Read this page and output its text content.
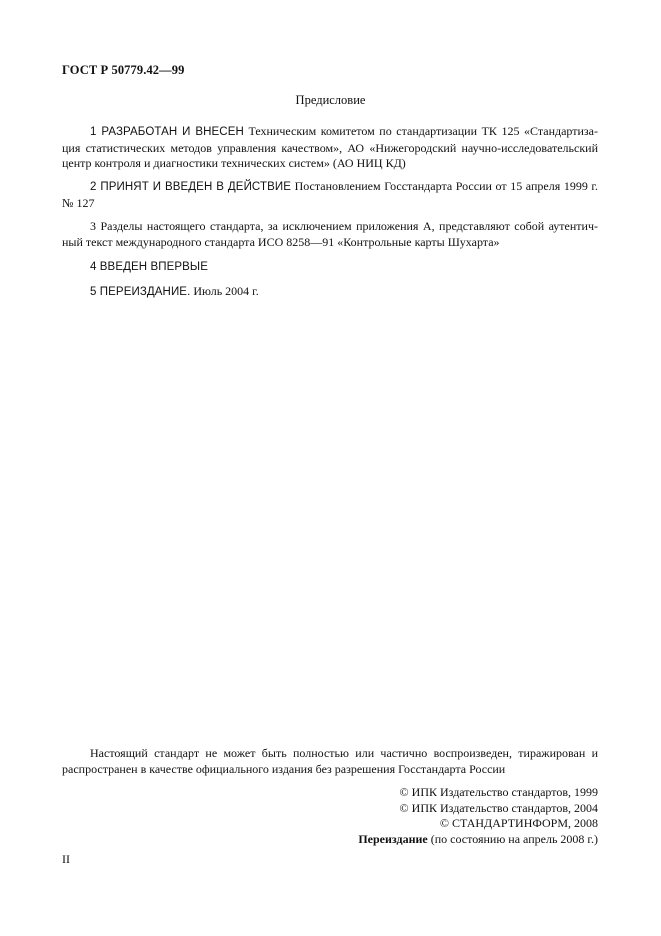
ГОСТ Р 50779.42—99
Предисловие
1 РАЗРАБОТАН И ВНЕСЕН Техническим комитетом по стандартизации ТК 125 «Стандартиза-
ция статистических методов управления качеством», АО «Нижегородский научно-исследовательский
центр контроля и диагностики технических систем» (АО НИЦ КД)
2 ПРИНЯТ И ВВЕДЕН В ДЕЙСТВИЕ Постановлением Госстандарта России от 15 апреля 1999 г.
№ 127
3 Разделы настоящего стандарта, за исключением приложения А, представляют собой аутентич-
ный текст международного стандарта ИСО 8258—91 «Контрольные карты Шухарта»
4 ВВЕДЕН ВПЕРВЫЕ
5 ПЕРЕИЗДАНИЕ. Июль 2004 г.
Настоящий стандарт не может быть полностью или частично воспроизведен, тиражирован и
распространен в качестве официального издания без разрешения Госстандарта России
© ИПК Издательство стандартов, 1999
© ИПК Издательство стандартов, 2004
© СТАНДАРТИНФОРМ, 2008
Переиздание (по состоянию на апрель 2008 г.)
II
